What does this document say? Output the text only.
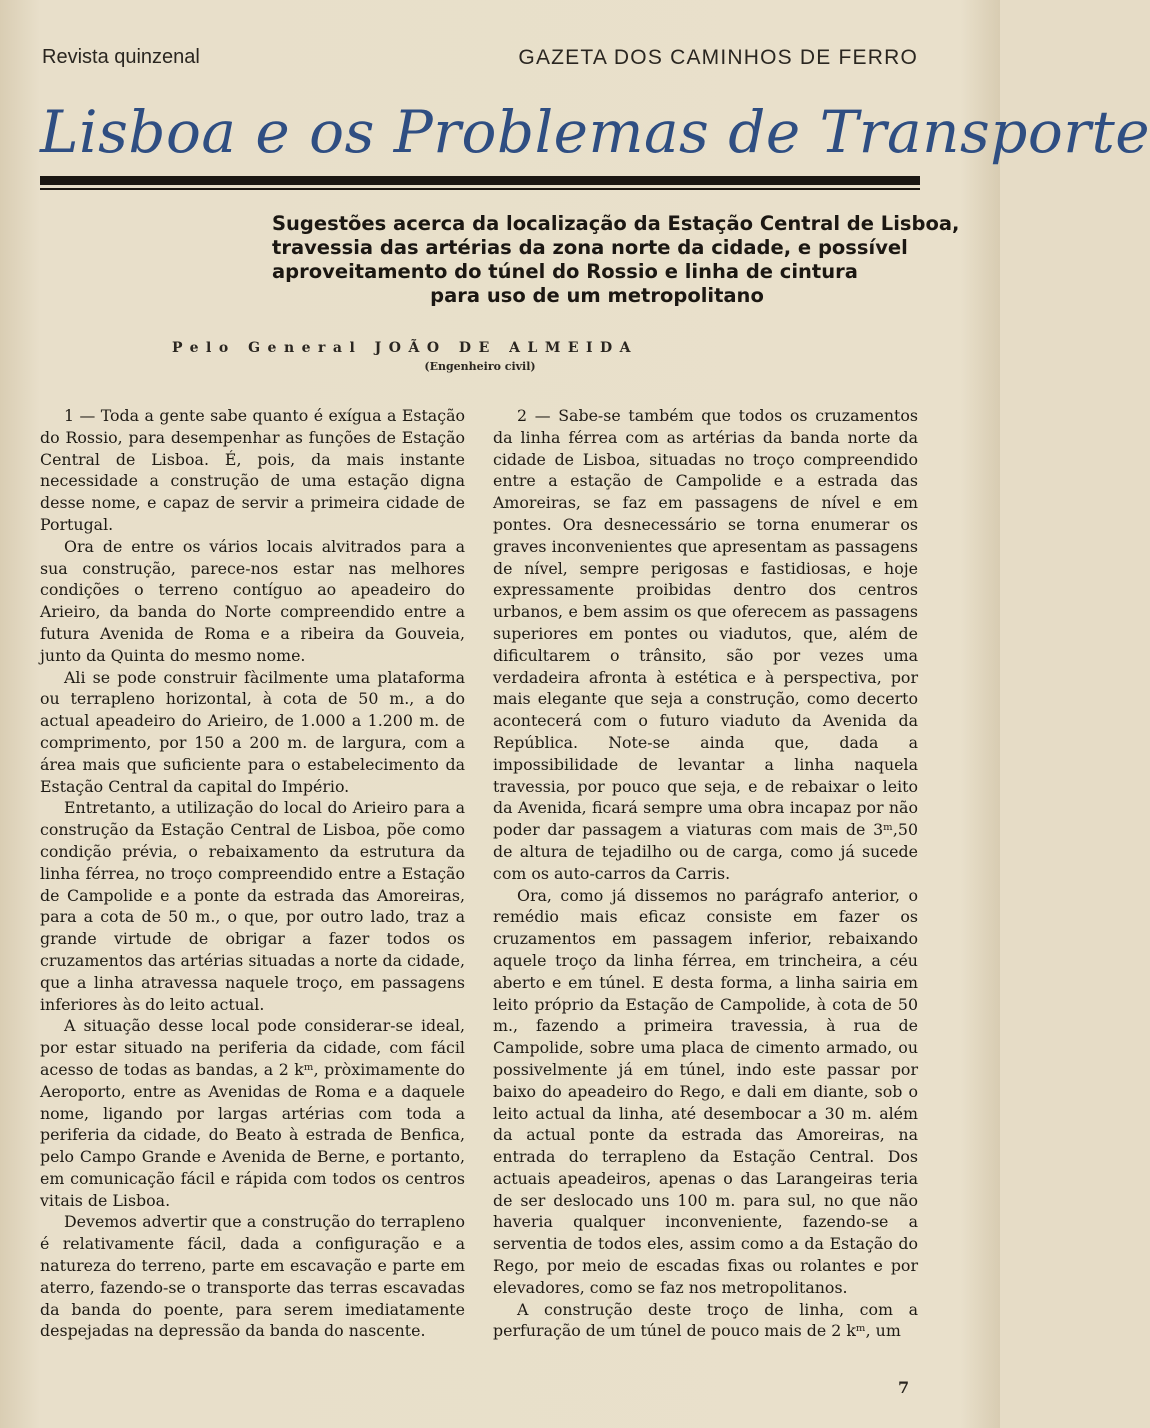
Revista quinzenal	GAZETA DOS CAMINHOS DE FERRO
Lisboa e os Problemas de Transporte
Sugestões acerca da localização da Estação Central de Lisboa,
travessia das artérias da zona norte da cidade, e possível
aproveitamento do túnel do Rossio e linha de cintura
para uso de um metropolitano
Pelo General JOÃO DE ALMEIDA
(Engenheiro civil)

1 — Toda a gente sabe quanto é exígua a Estação do Rossio, para desempenhar as funções de Estação Central de Lisboa. É, pois, da mais instante necessidade a construção de uma estação digna desse nome, e capaz de servir a primeira cidade de Portugal.

Ora de entre os vários locais alvitrados para a sua construção, parece-nos estar nas melhores condições o terreno contíguo ao apeadeiro do Arieiro, da banda do Norte compreendido entre a futura Avenida de Roma e a ribeira da Gouveia, junto da Quinta do mesmo nome.

Ali se pode construir fàcilmente uma plataforma ou terrapleno horizontal, à cota de 50 m., a do actual apeadeiro do Arieiro, de 1.000 a 1.200 m. de comprimento, por 150 a 200 m. de largura, com a área mais que suficiente para o estabelecimento da Estação Central da capital do Império.

Entretanto, a utilização do local do Arieiro para a construção da Estação Central de Lisboa, põe como condição prévia, o rebaixamento da estrutura da linha férrea, no troço compreendido entre a Estação de Campolide e a ponte da estrada das Amoreiras, para a cota de 50 m., o que, por outro lado, traz a grande virtude de obrigar a fazer todos os cruzamentos das artérias situadas a norte da cidade, que a linha atravessa naquele troço, em passagens inferiores às do leito actual.

A situação desse local pode considerar-se ideal, por estar situado na periferia da cidade, com fácil acesso de todas as bandas, a 2 kᵐ, pròximamente do Aeroporto, entre as Avenidas de Roma e a daquele nome, ligando por largas artérias com toda a periferia da cidade, do Beato à estrada de Benfica, pelo Campo Grande e Avenida de Berne, e portanto, em comunicação fácil e rápida com todos os centros vitais de Lisboa.

Devemos advertir que a construção do terrapleno é relativamente fácil, dada a configuração e a natureza do terreno, parte em escavação e parte em aterro, fazendo-se o transporte das terras escavadas da banda do poente, para serem imediatamente despejadas na depressão da banda do nascente.

2 — Sabe-se também que todos os cruzamentos da linha férrea com as artérias da banda norte da cidade de Lisboa, situadas no troço compreendido entre a estação de Campolide e a estrada das Amoreiras, se faz em passagens de nível e em pontes. Ora desnecessário se torna enumerar os graves inconvenientes que apresentam as passagens de nível, sempre perigosas e fastidiosas, e hoje expressamente proibidas dentro dos centros urbanos, e bem assim os que oferecem as passagens superiores em pontes ou viadutos, que, além de dificultarem o trânsito, são por vezes uma verdadeira afronta à estética e à perspectiva, por mais elegante que seja a construção, como decerto acontecerá com o futuro viaduto da Avenida da República. Note-se ainda que, dada a impossibilidade de levantar a linha naquela travessia, por pouco que seja, e de rebaixar o leito da Avenida, ficará sempre uma obra incapaz por não poder dar passagem a viaturas com mais de 3ᵐ,50 de altura de tejadilho ou de carga, como já sucede com os auto-carros da Carris.

Ora, como já dissemos no parágrafo anterior, o remédio mais eficaz consiste em fazer os cruzamentos em passagem inferior, rebaixando aquele troço da linha férrea, em trincheira, a céu aberto e em túnel. E desta forma, a linha sairia em leito próprio da Estação de Campolide, à cota de 50 m., fazendo a primeira travessia, à rua de Campolide, sobre uma placa de cimento armado, ou possivelmente já em túnel, indo este passar por baixo do apeadeiro do Rego, e dali em diante, sob o leito actual da linha, até desembocar a 30 m. além da actual ponte da estrada das Amoreiras, na entrada do terrapleno da Estação Central. Dos actuais apeadeiros, apenas o das Larangeiras teria de ser deslocado uns 100 m. para sul, no que não haveria qualquer inconveniente, fazendo-se a serventia de todos eles, assim como a da Estação do Rego, por meio de escadas fixas ou rolantes e por elevadores, como se faz nos metropolitanos.

A construção deste troço de linha, com a perfuração de um túnel de pouco mais de 2 kᵐ, um

7
